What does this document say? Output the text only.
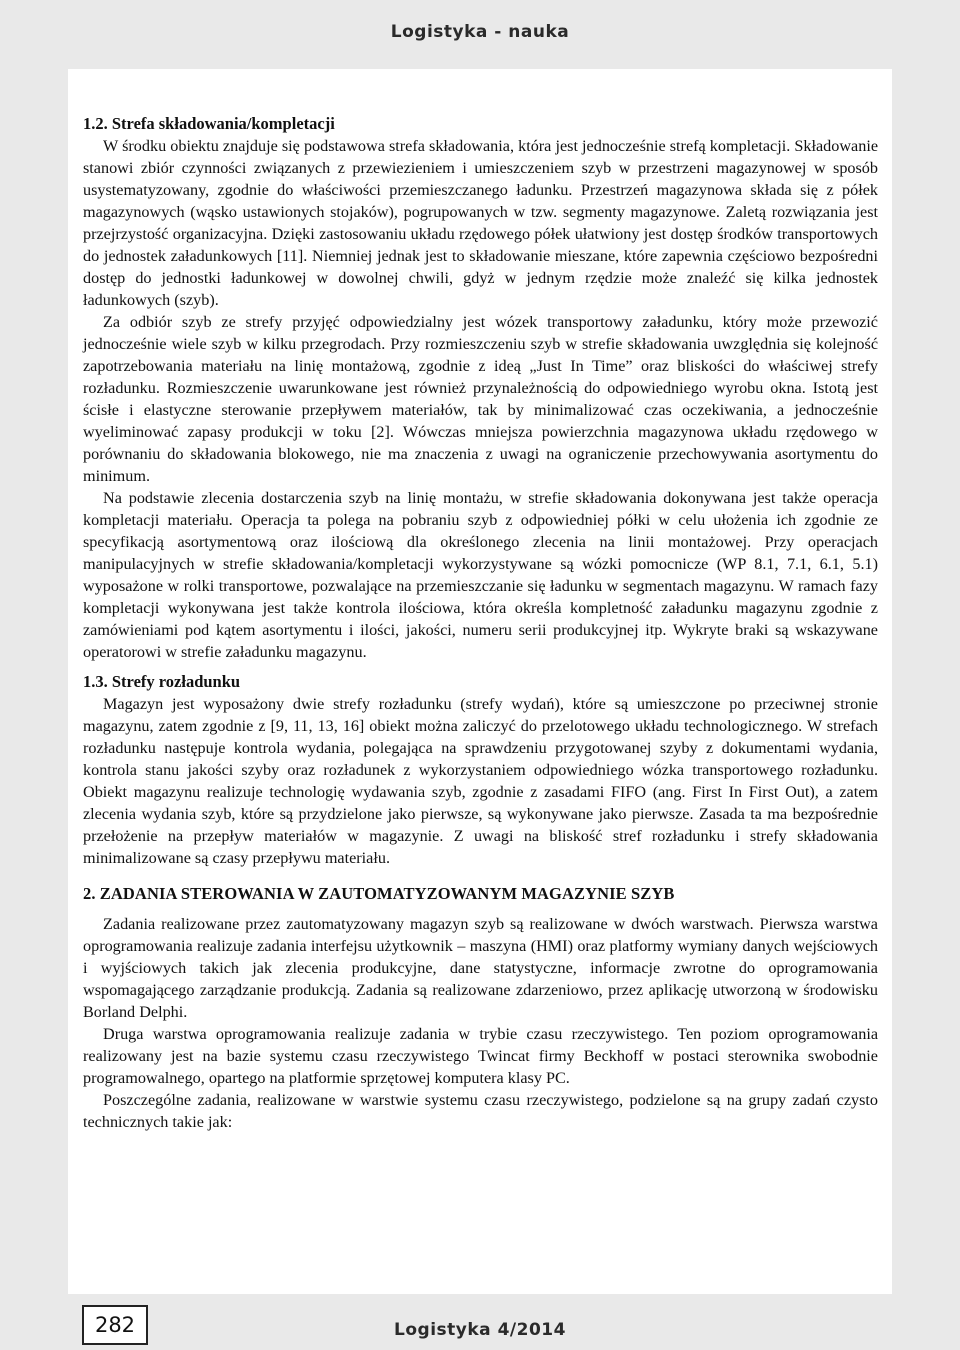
Logistyka - nauka
1.2. Strefa składowania/kompletacji

W środku obiektu znajduje się podstawowa strefa składowania, która jest jednocześnie strefą kompletacji. Składowanie stanowi zbiór czynności związanych z przewiezieniem i umieszczeniem szyb w przestrzeni magazynowej w sposób usystematyzowany, zgodnie do właściwości przemieszczanego ładunku. Przestrzeń magazynowa składa się z półek magazynowych (wąsko ustawionych stojaków), pogrupowanych w tzw. segmenty magazynowe. Zaletą rozwiązania jest przejrzystość organizacyjna. Dzięki zastosowaniu układu rzędowego półek ułatwiony jest dostęp środków transportowych do jednostek załadunkowych [11]. Niemniej jednak jest to składowanie mieszane, które zapewnia częściowo bezpośredni dostęp do jednostki ładunkowej w dowolnej chwili, gdyż w jednym rzędzie może znaleźć się kilka jednostek ładunkowych (szyb).

Za odbiór szyb ze strefy przyjęć odpowiedzialny jest wózek transportowy załadunku, który może przewozić jednocześnie wiele szyb w kilku przegrodach. Przy rozmieszczeniu szyb w strefie składowania uwzględnia się kolejność zapotrzebowania materiału na linię montażową, zgodnie z ideą „Just In Time” oraz bliskości do właściwej strefy rozładunku. Rozmieszczenie uwarunkowane jest również przynależnością do odpowiedniego wyrobu okna. Istotą jest ścisłe i elastyczne sterowanie przepływem materiałów, tak by minimalizować czas oczekiwania, a jednocześnie wyeliminować zapasy produkcji w toku [2]. Wówczas mniejsza powierzchnia magazynowa układu rzędowego w porównaniu do składowania blokowego, nie ma znaczenia z uwagi na ograniczenie przechowywania asortymentu do minimum.

Na podstawie zlecenia dostarczenia szyb na linię montażu, w strefie składowania dokonywana jest także operacja kompletacji materiału. Operacja ta polega na pobraniu szyb z odpowiedniej półki w celu ułożenia ich zgodnie ze specyfikacją asortymentową oraz ilościową dla określonego zlecenia na linii montażowej. Przy operacjach manipulacyjnych w strefie składowania/kompletacji wykorzystywane są wózki pomocnicze (WP 8.1, 7.1, 6.1, 5.1) wyposażone w rolki transportowe, pozwalające na przemieszczanie się ładunku w segmentach magazynu. W ramach fazy kompletacji wykonywana jest także kontrola ilościowa, która określa kompletność załadunku magazynu zgodnie z zamówieniami pod kątem asortymentu i ilości, jakości, numeru serii produkcyjnej itp. Wykryte braki są wskazywane operatorowi w strefie załadunku magazynu.

1.3. Strefy rozładunku

Magazyn jest wyposażony dwie strefy rozładunku (strefy wydań), które są umieszczone po przeciwnej stronie magazynu, zatem zgodnie z [9, 11, 13, 16] obiekt można zaliczyć do przelotowego układu technologicznego. W strefach rozładunku następuje kontrola wydania, polegająca na sprawdzeniu przygotowanej szyby z dokumentami wydania, kontrola stanu jakości szyby oraz rozładunek z wykorzystaniem odpowiedniego wózka transportowego rozładunku. Obiekt magazynu realizuje technologię wydawania szyb, zgodnie z zasadami FIFO (ang. First In First Out), a zatem zlecenia wydania szyb, które są przydzielone jako pierwsze, są wykonywane jako pierwsze. Zasada ta ma bezpośrednie przełożenie na przepływ materiałów w magazynie. Z uwagi na bliskość stref rozładunku i strefy składowania minimalizowane są czasy przepływu materiału.

2. ZADANIA STEROWANIA W ZAUTOMATYZOWANYM MAGAZYNIE SZYB

Zadania realizowane przez zautomatyzowany magazyn szyb są realizowane w dwóch warstwach. Pierwsza warstwa oprogramowania realizuje zadania interfejsu użytkownik – maszyna (HMI) oraz platformy wymiany danych wejściowych i wyjściowych takich jak zlecenia produkcyjne, dane statystyczne, informacje zwrotne do oprogramowania wspomagającego zarządzanie produkcją. Zadania są realizowane zdarzeniowo, przez aplikację utworzoną w środowisku Borland Delphi.

Druga warstwa oprogramowania realizuje zadania w trybie czasu rzeczywistego. Ten poziom oprogramowania realizowany jest na bazie systemu czasu rzeczywistego Twincat firmy Beckhoff w postaci sterownika swobodnie programowalnego, opartego na platformie sprzętowej komputera klasy PC.

Poszczególne zadania, realizowane w warstwie systemu czasu rzeczywistego, podzielone są na grupy zadań czysto technicznych takie jak:

282	Logistyka 4/2014
